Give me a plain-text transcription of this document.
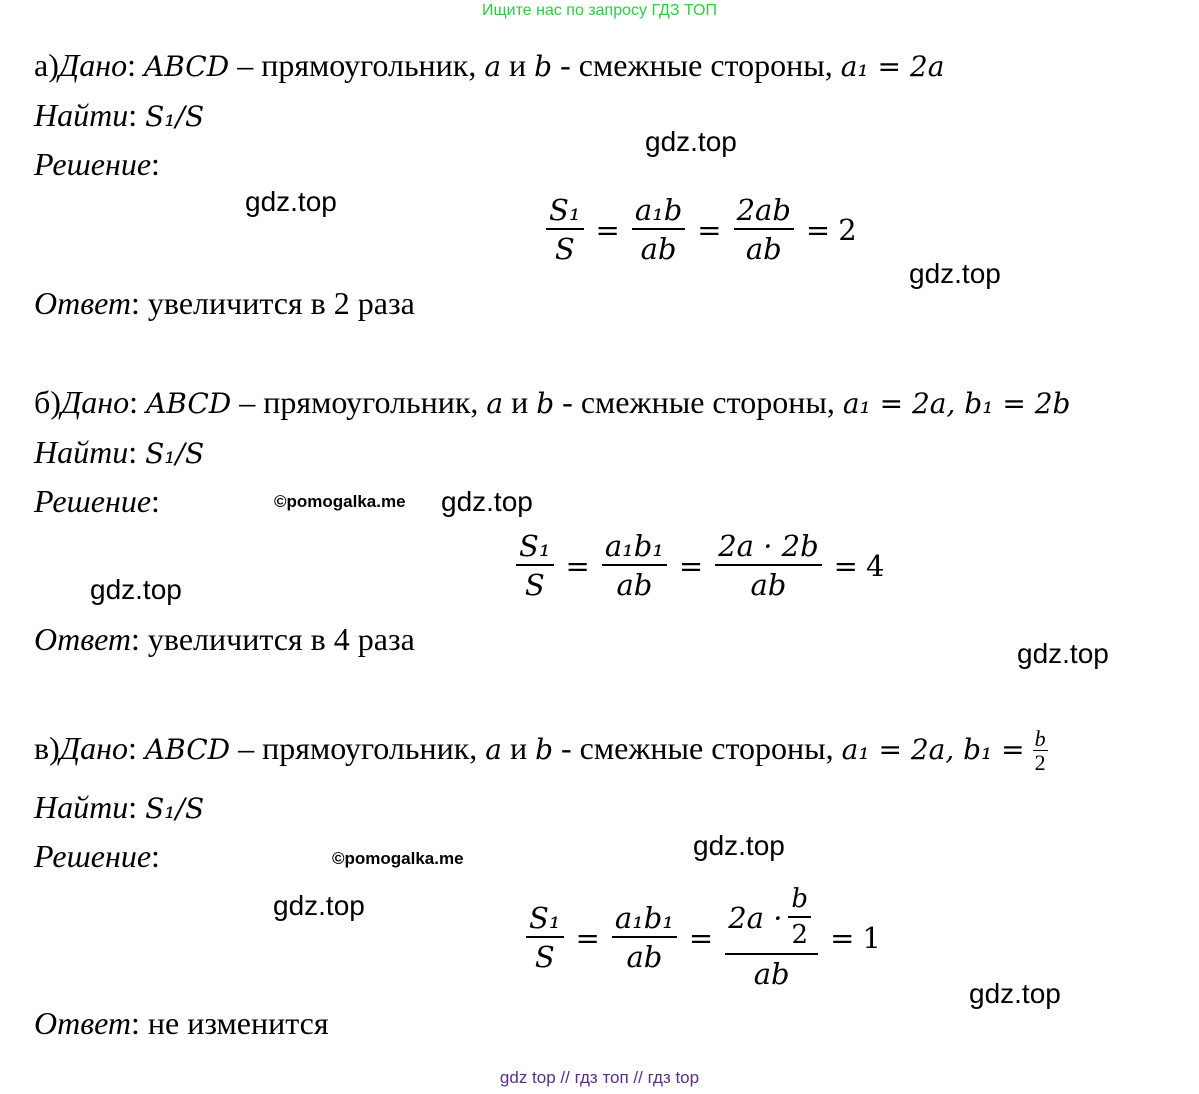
Ищите нас по запросу ГДЗ ТОП
а)Дано: ABCD – прямоугольник, a и b - смежные стороны, a₁ = 2a
Найти: S₁/S
Решение:
$\frac{\text{S₁}}{S} = \frac{\text{a₁b}}{ab} = \frac{2ab}{ab} = 2$
Ответ: увеличится в 2 раза
б)Дано: ABCD – прямоугольник, a и b - смежные стороны, a₁ = 2a, b₁ = 2b
Найти: S₁/S
Решение:
$\frac{\text{S₁}}{S} = \frac{\text{a₁b₁}}{ab} = \frac{2a \cdot 2b}{ab} = 4$
Ответ: увеличится в 4 раза
в)Дано: ABCD – прямоугольник, a и b - смежные стороны, a₁ = 2a, $b_1 = \frac{b}{2}$
Найти: S₁/S
Решение:
$\frac{\text{S₁}}{S} = \frac{\text{a₁b₁}}{ab} = \frac{2a \cdot \frac{b}{2}}{ab} = 1$
Ответ: не изменится
gdz.top
gdz.top
gdz.top
©pomogalka.me gdz.top
gdz.top
gdz.top
gdz.top
©pomogalka.me
gdz.top
gdz.top
gdz top // гдз топ // гдз top
